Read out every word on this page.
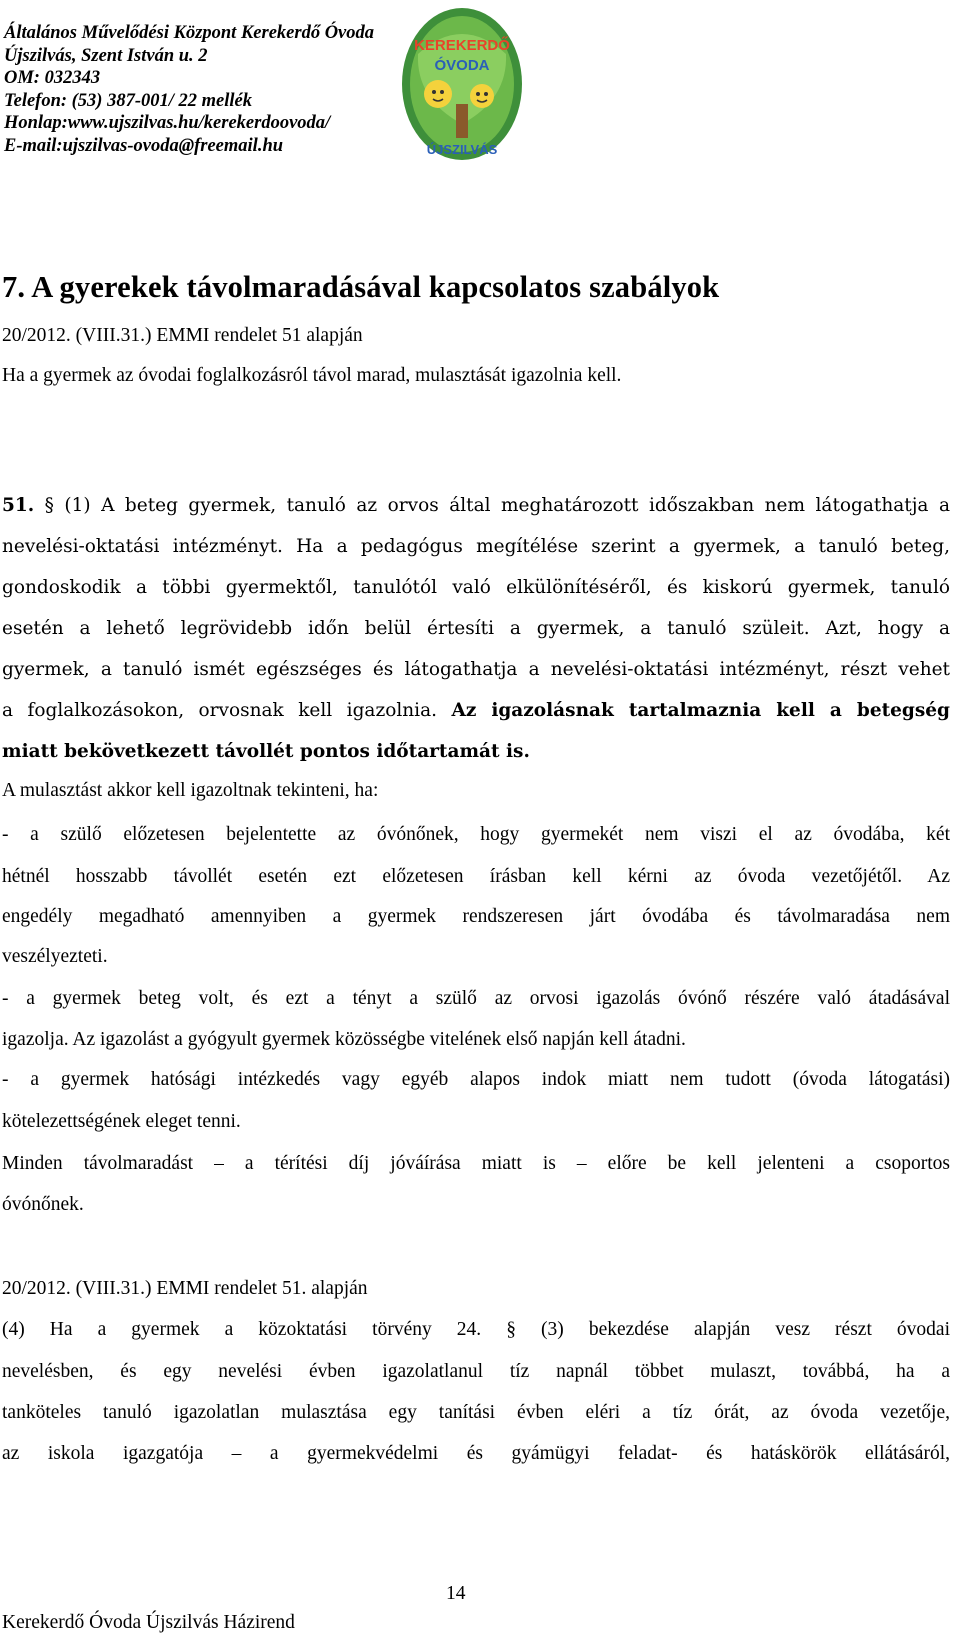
Általános Művelődési Központ Kerekerdő Óvoda
Újszilvás, Szent István u. 2
OM: 032343
Telefon: (53) 387-001/ 22 mellék
Honlap:www.ujszilvas.hu/kerekerdoovoda/
E-mail:ujszilvas-ovoda@freemail.hu
KEREKERDŐ
ÓVODA
ÚJSZILVÁS
7. A gyerekek távolmaradásával kapcsolatos szabályok
20/2012. (VIII.31.) EMMI rendelet 51 alapján
Ha a gyermek az óvodai foglalkozásról távol marad, mulasztását igazolnia kell.
51. § (1) A beteg gyermek, tanuló az orvos által meghatározott időszakban nem látogathatja a
nevelési-oktatási intézményt. Ha a pedagógus megítélése szerint a gyermek, a tanuló beteg,
gondoskodik a többi gyermektől, tanulótól való elkülönítéséről, és kiskorú gyermek, tanuló
esetén a lehető legrövidebb időn belül értesíti a gyermek, a tanuló szüleit. Azt, hogy a
gyermek, a tanuló ismét egészséges és látogathatja a nevelési-oktatási intézményt, részt vehet
a foglalkozásokon, orvosnak kell igazolnia. Az igazolásnak tartalmaznia kell a betegség
miatt bekövetkezett távollét pontos időtartamát is.
A mulasztást akkor kell igazoltnak tekinteni, ha:
- a szülő előzetesen bejelentette az óvónőnek, hogy gyermekét nem viszi el az óvodába, két
hétnél hosszabb távollét esetén ezt előzetesen írásban kell kérni az óvoda vezetőjétől. Az
engedély megadható amennyiben a gyermek rendszeresen járt óvodába és távolmaradása nem
veszélyezteti.
- a gyermek beteg volt, és ezt a tényt a szülő az orvosi igazolás óvónő részére való átadásával
igazolja. Az igazolást a gyógyult gyermek közösségbe vitelének első napján kell átadni.
- a gyermek hatósági intézkedés vagy egyéb alapos indok miatt nem tudott (óvoda látogatási)
kötelezettségének eleget tenni.
Minden távolmaradást – a térítési díj jóváírása miatt is – előre be kell jelenteni a csoportos
óvónőnek.
20/2012. (VIII.31.) EMMI rendelet 51. alapján
(4) Ha a gyermek a közoktatási törvény 24. § (3) bekezdése alapján vesz részt óvodai
nevelésben, és egy nevelési évben igazolatlanul tíz napnál többet mulaszt, továbbá, ha a
tanköteles tanuló igazolatlan mulasztása egy tanítási évben eléri a tíz órát, az óvoda vezetője,
az iskola igazgatója – a gyermekvédelmi és gyámügyi feladat- és hatáskörök ellátásáról,
14
Kerekerdő Óvoda Újszilvás Házirend
